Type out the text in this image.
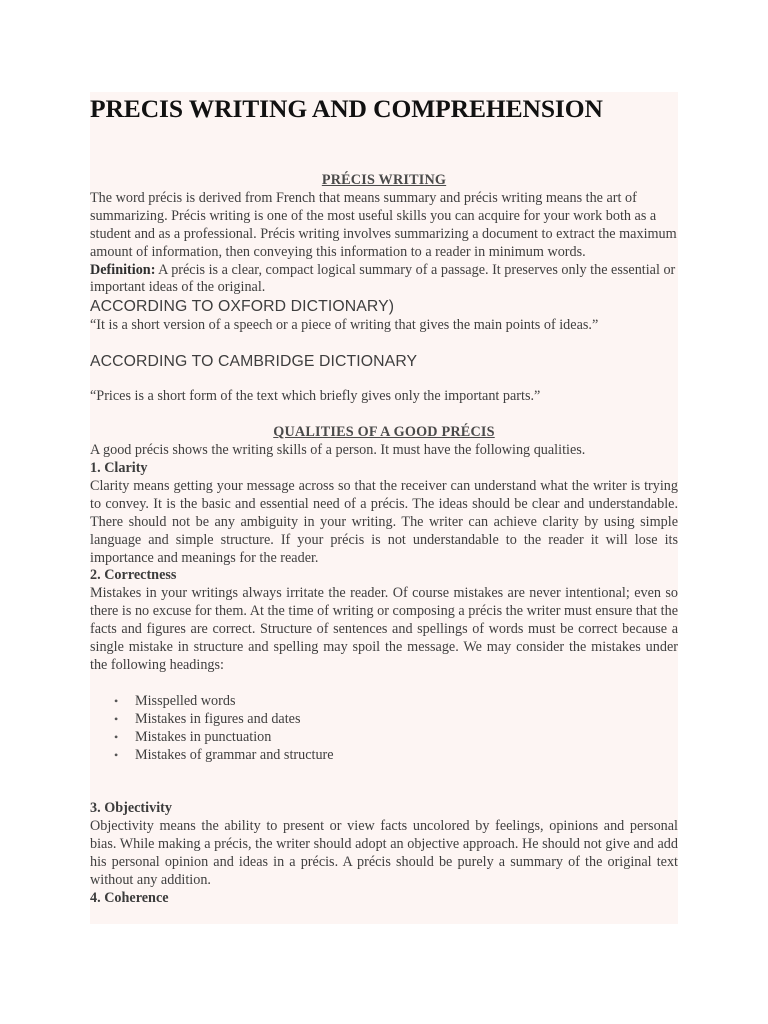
PRECIS WRITING AND COMPREHENSION

PRÉCIS WRITING

The word précis is derived from French that means summary and précis writing means the art of summarizing. Précis writing is one of the most useful skills you can acquire for your work both as a student and as a professional. Précis writing involves summarizing a document to extract the maximum amount of information, then conveying this information to a reader in minimum words.

Definition: A précis is a clear, compact logical summary of a passage. It preserves only the essential or important ideas of the original.

ACCORDING TO OXFORD DICTIONARY)

“It is a short version of a speech or a piece of writing that gives the main points of ideas.”

ACCORDING TO CAMBRIDGE DICTIONARY

“Prices is a short form of the text which briefly gives only the important parts.”

QUALITIES OF A GOOD PRÉCIS

A good précis shows the writing skills of a person. It must have the following qualities.

1. Clarity

Clarity means getting your message across so that the receiver can understand what the writer is trying to convey. It is the basic and essential need of a précis. The ideas should be clear and understandable. There should not be any ambiguity in your writing. The writer can achieve clarity by using simple language and simple structure. If your précis is not understandable to the reader it will lose its importance and meanings for the reader.

2. Correctness

Mistakes in your writings always irritate the reader. Of course mistakes are never intentional; even so there is no excuse for them. At the time of writing or composing a précis the writer must ensure that the facts and figures are correct. Structure of sentences and spellings of words must be correct because a single mistake in structure and spelling may spoil the message. We may consider the mistakes under the following headings:

• Misspelled words
• Mistakes in figures and dates
• Mistakes in punctuation
• Mistakes of grammar and structure

3. Objectivity

Objectivity means the ability to present or view facts uncolored by feelings, opinions and personal bias. While making a précis, the writer should adopt an objective approach. He should not give and add his personal opinion and ideas in a précis. A précis should be purely a summary of the original text without any addition.

4. Coherence
